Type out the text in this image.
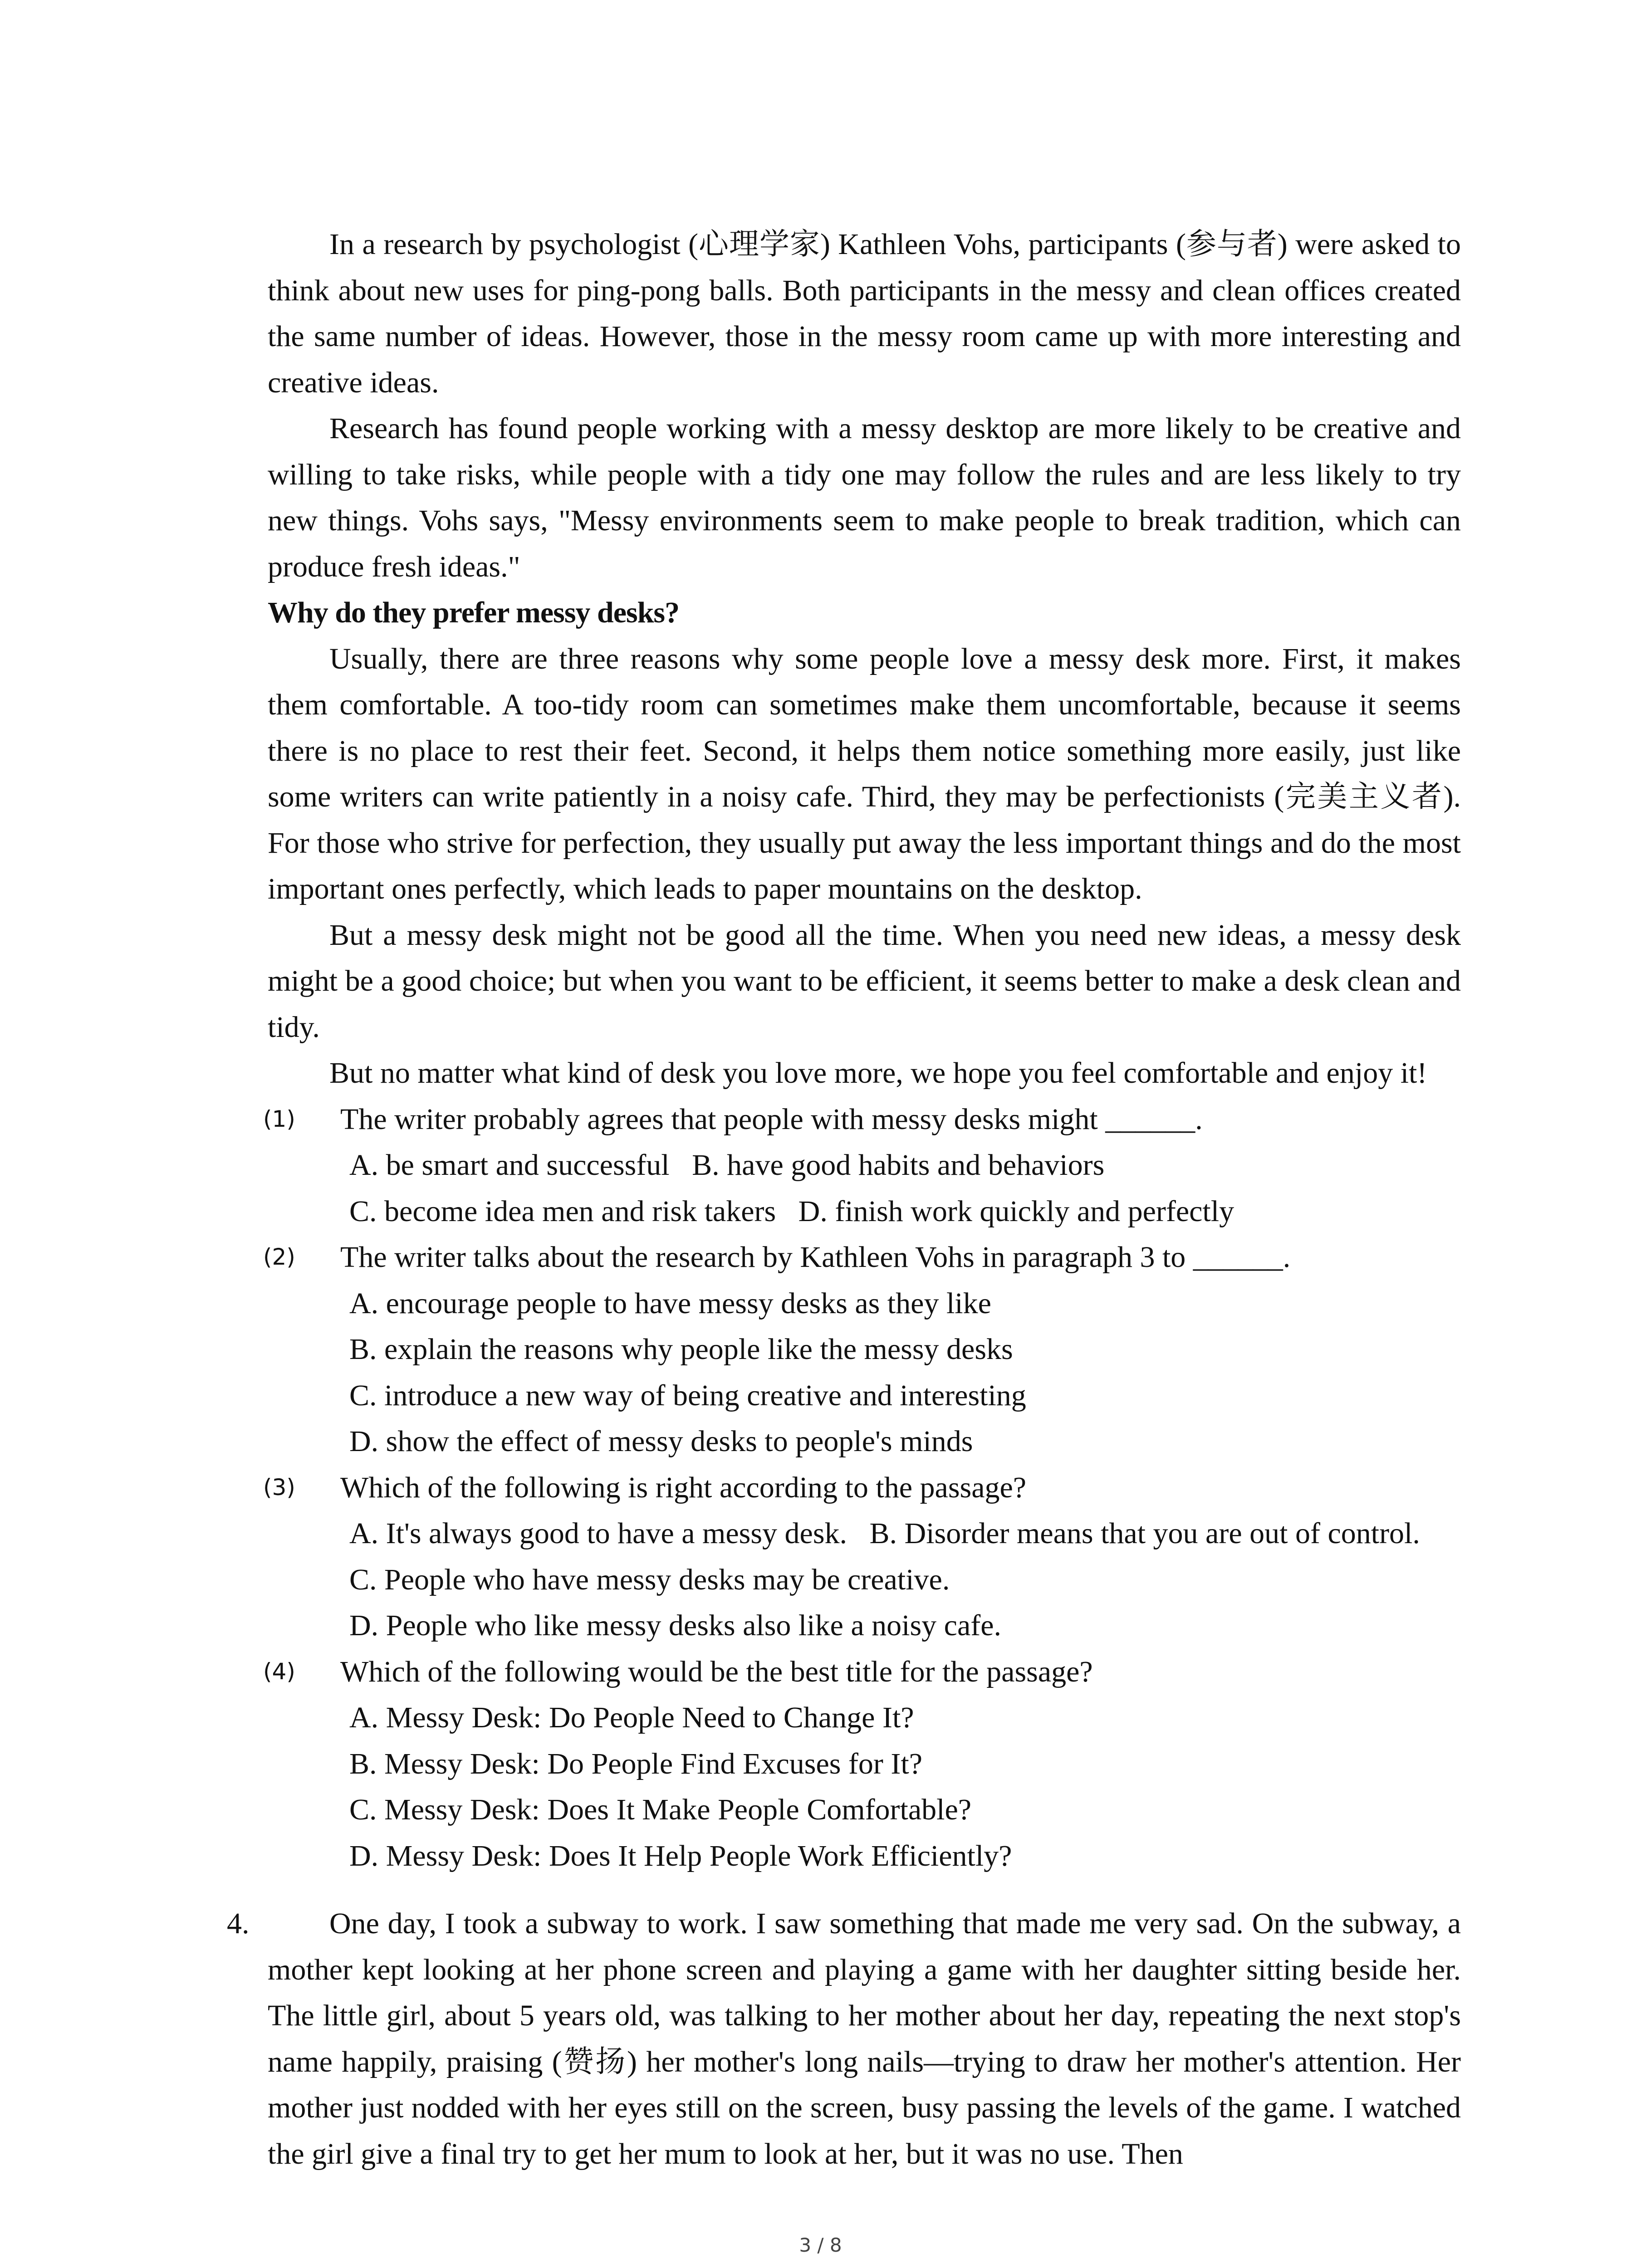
In a research by psychologist (心理学家) Kathleen Vohs, participants (参与者) were asked to think about new uses for ping-pong balls. Both participants in the messy and clean offices created the same number of ideas. However, those in the messy room came up with more interesting and creative ideas.

Research has found people working with a messy desktop are more likely to be creative and willing to take risks, while people with a tidy one may follow the rules and are less likely to try new things. Vohs says, "Messy environments seem to make people to break tradition, which can produce fresh ideas."

Why do they prefer messy desks?

Usually, there are three reasons why some people love a messy desk more. First, it makes them comfortable. A too-tidy room can sometimes make them uncomfortable, because it seems there is no place to rest their feet. Second, it helps them notice something more easily, just like some writers can write patiently in a noisy cafe. Third, they may be perfectionists (完美主义者). For those who strive for perfection, they usually put away the less important things and do the most important ones perfectly, which leads to paper mountains on the desktop.

But a messy desk might not be good all the time. When you need new ideas, a messy desk might be a good choice; but when you want to be efficient, it seems better to make a desk clean and tidy.

But no matter what kind of desk you love more, we hope you feel comfortable and enjoy it!

(1) The writer probably agrees that people with messy desks might ______.

A. be smart and successful   B. have good habits and behaviors

C. become idea men and risk takers   D. finish work quickly and perfectly

(2) The writer talks about the research by Kathleen Vohs in paragraph 3 to ______.

A. encourage people to have messy desks as they like

B. explain the reasons why people like the messy desks

C. introduce a new way of being creative and interesting

D. show the effect of messy desks to people's minds

(3) Which of the following is right according to the passage?

A. It's always good to have a messy desk.   B. Disorder means that you are out of control.

C. People who have messy desks may be creative.

D. People who like messy desks also like a noisy cafe.

(4) Which of the following would be the best title for the passage?

A. Messy Desk: Do People Need to Change It?

B. Messy Desk: Do People Find Excuses for It?

C. Messy Desk: Does It Make People Comfortable?

D. Messy Desk: Does It Help People Work Efficiently?

4.	One day, I took a subway to work. I saw something that made me very sad. On the subway, a mother kept looking at her phone screen and playing a game with her daughter sitting beside her. The little girl, about 5 years old, was talking to her mother about her day, repeating the next stop's name happily, praising (赞扬) her mother's long nails—trying to draw her mother's attention. Her mother just nodded with her eyes still on the screen, busy passing the levels of the game. I watched the girl give a final try to get her mum to look at her, but it was no use. Then

3 / 8
